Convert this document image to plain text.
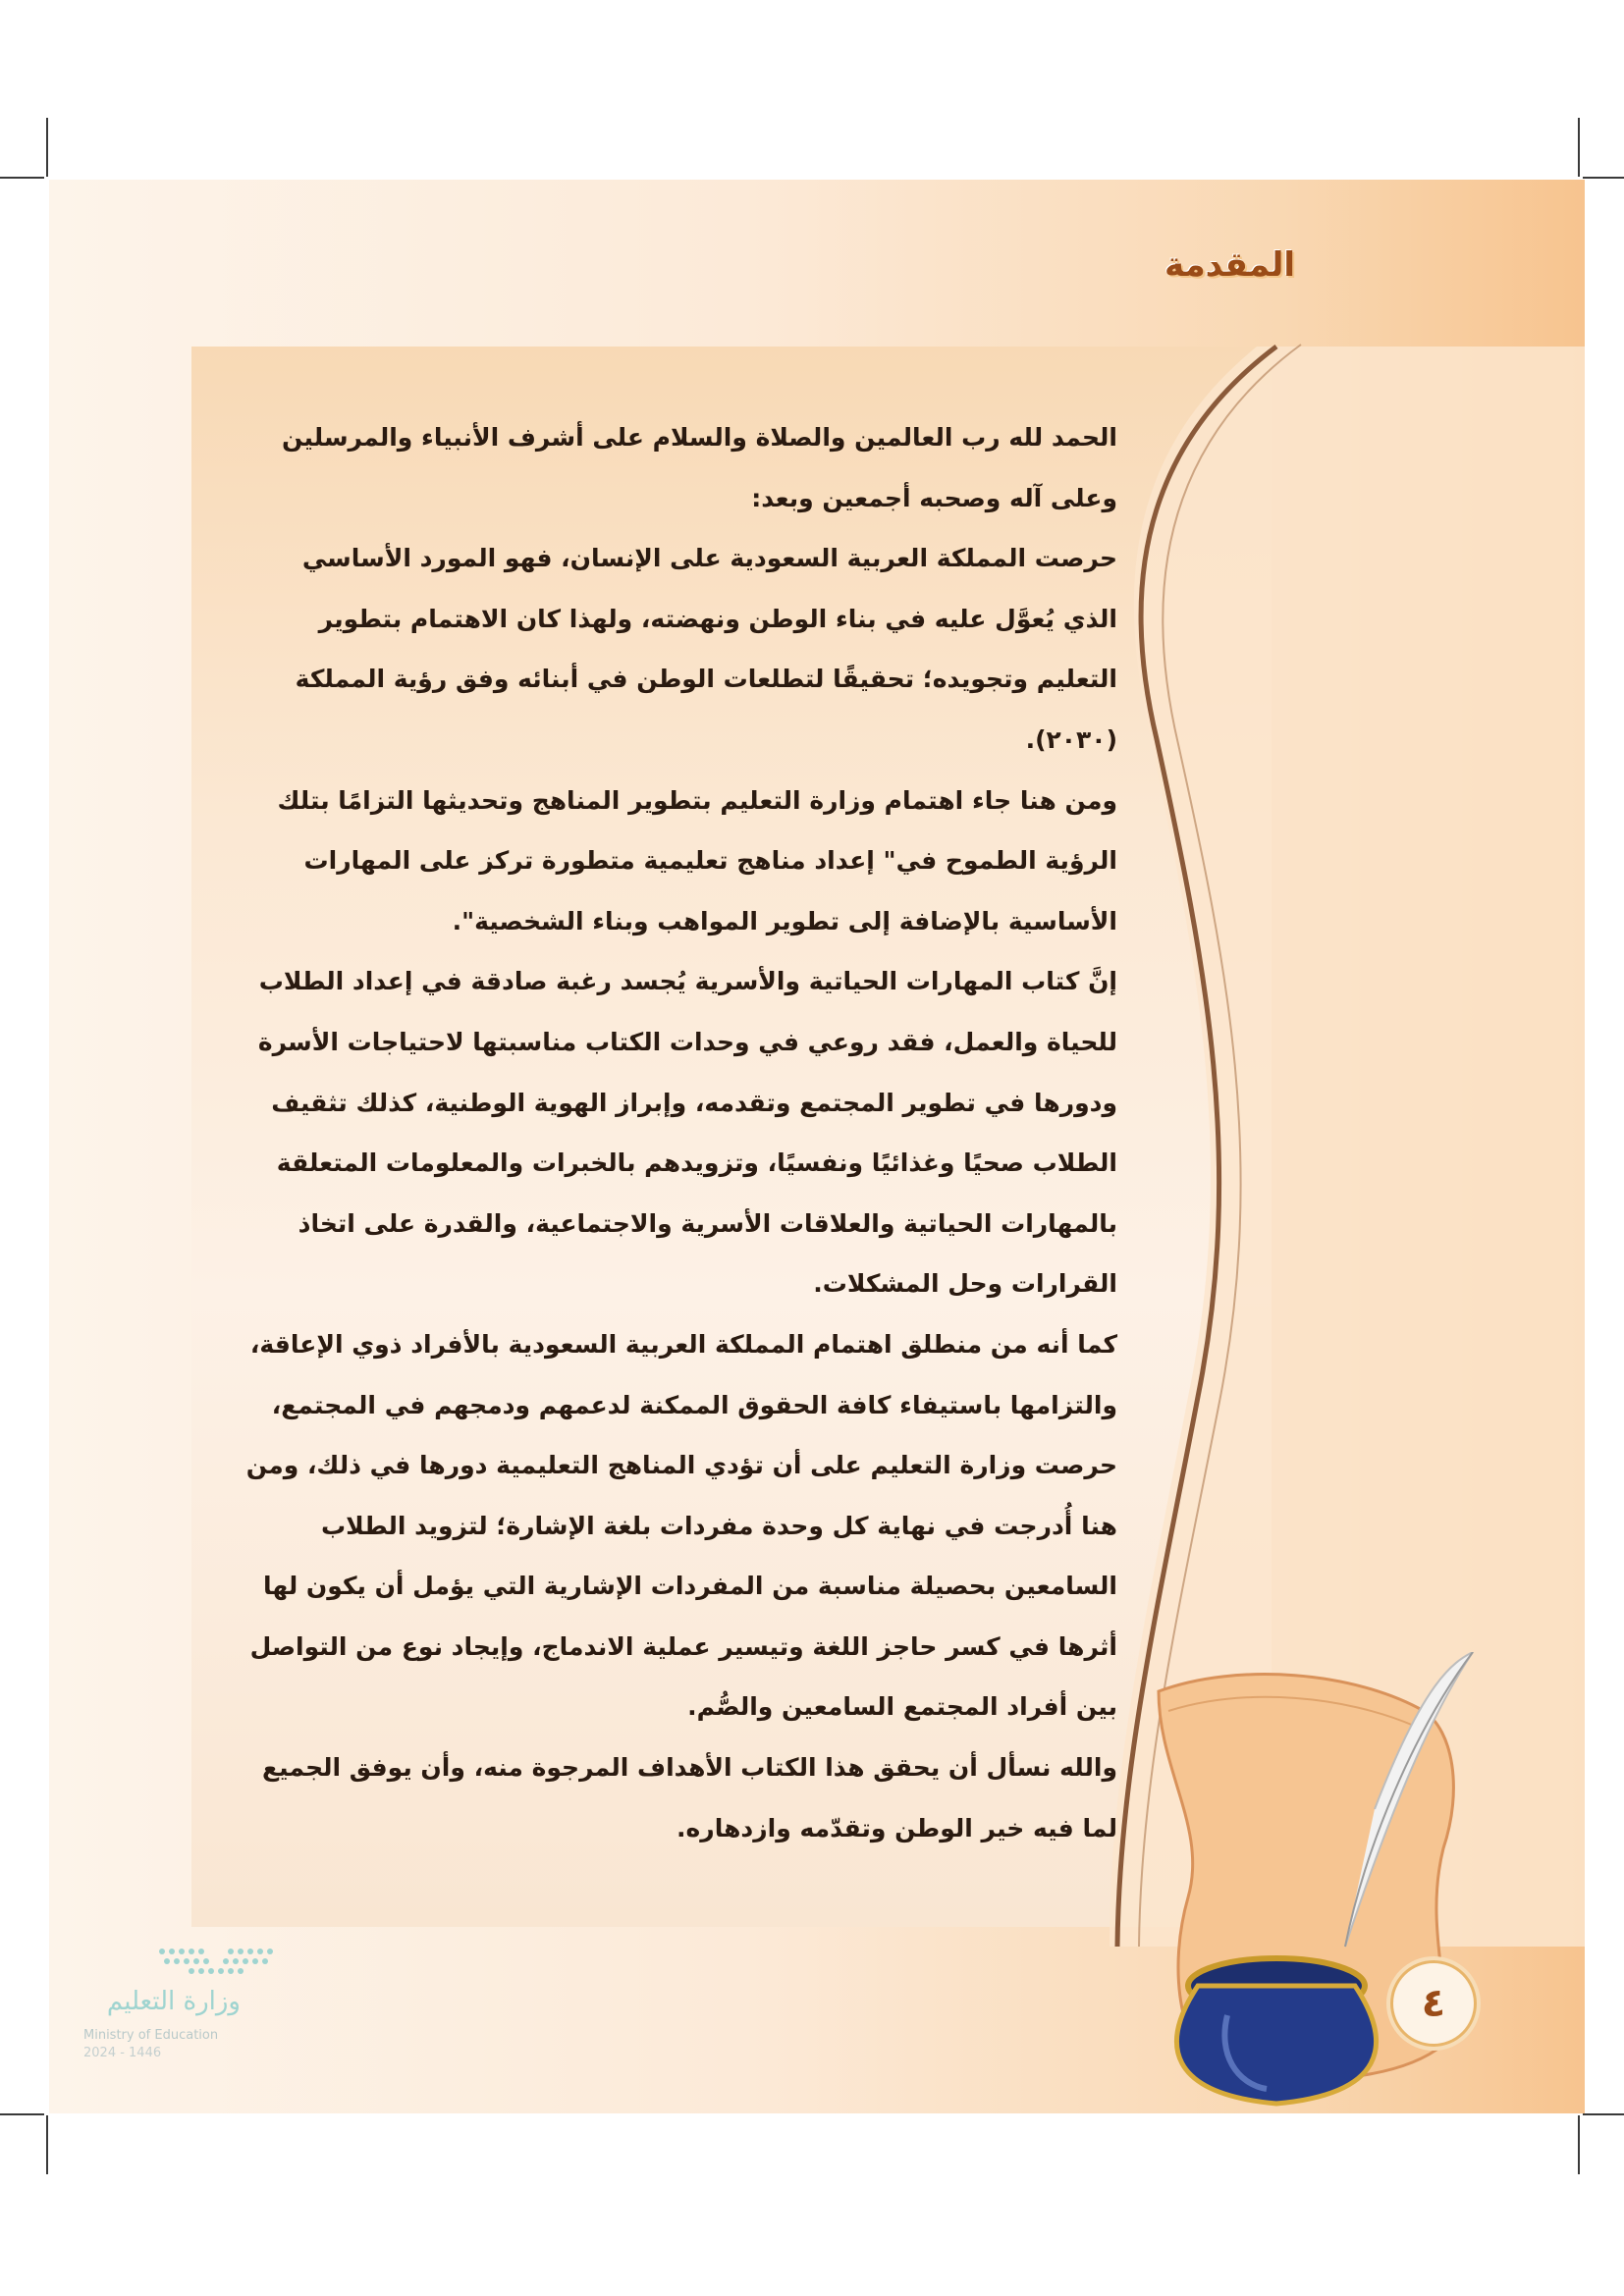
المقدمة

الحمد لله رب العالمين والصلاة والسلام على أشرف الأنبياء والمرسلين وعلى آله وصحبه أجمعين وبعد:

حرصت المملكة العربية السعودية على الإنسان، فهو المورد الأساسي الذي يُعوَّل عليه في بناء الوطن ونهضته، ولهذا كان الاهتمام بتطوير التعليم وتجويده؛ تحقيقًا لتطلعات الوطن في أبنائه وفق رؤية المملكة (٢٠٣٠).

ومن هنا جاء اهتمام وزارة التعليم بتطوير المناهج وتحديثها التزامًا بتلك الرؤية الطموح في" إعداد مناهج تعليمية متطورة تركز على المهارات الأساسية بالإضافة إلى تطوير المواهب وبناء الشخصية".

إنَّ كتاب المهارات الحياتية والأسرية يُجسد رغبة صادقة في إعداد الطلاب للحياة والعمل، فقد روعي في وحدات الكتاب مناسبتها لاحتياجات الأسرة ودورها في تطوير المجتمع وتقدمه، وإبراز الهوية الوطنية، كذلك تثقيف الطلاب صحيًا وغذائيًا ونفسيًا، وتزويدهم بالخبرات والمعلومات المتعلقة بالمهارات الحياتية والعلاقات الأسرية والاجتماعية، والقدرة على اتخاذ القرارات وحل المشكلات.

كما أنه من منطلق اهتمام المملكة العربية السعودية بالأفراد ذوي الإعاقة، والتزامها باستيفاء كافة الحقوق الممكنة لدعمهم ودمجهم في المجتمع، حرصت وزارة التعليم على أن تؤدي المناهج التعليمية دورها في ذلك، ومن هنا أُدرجت في نهاية كل وحدة مفردات بلغة الإشارة؛ لتزويد الطلاب السامعين بحصيلة مناسبة من المفردات الإشارية التي يؤمل أن يكون لها أثرها في كسر حاجز اللغة وتيسير عملية الاندماج، وإيجاد نوع من التواصل بين أفراد المجتمع السامعين والصُّم.

والله نسأل أن يحقق هذا الكتاب الأهداف المرجوة منه، وأن يوفق الجميع لما فيه خير الوطن وتقدّمه وازدهاره.

٤
وزارة التعليم
Ministry of Education
2024 - 1446
